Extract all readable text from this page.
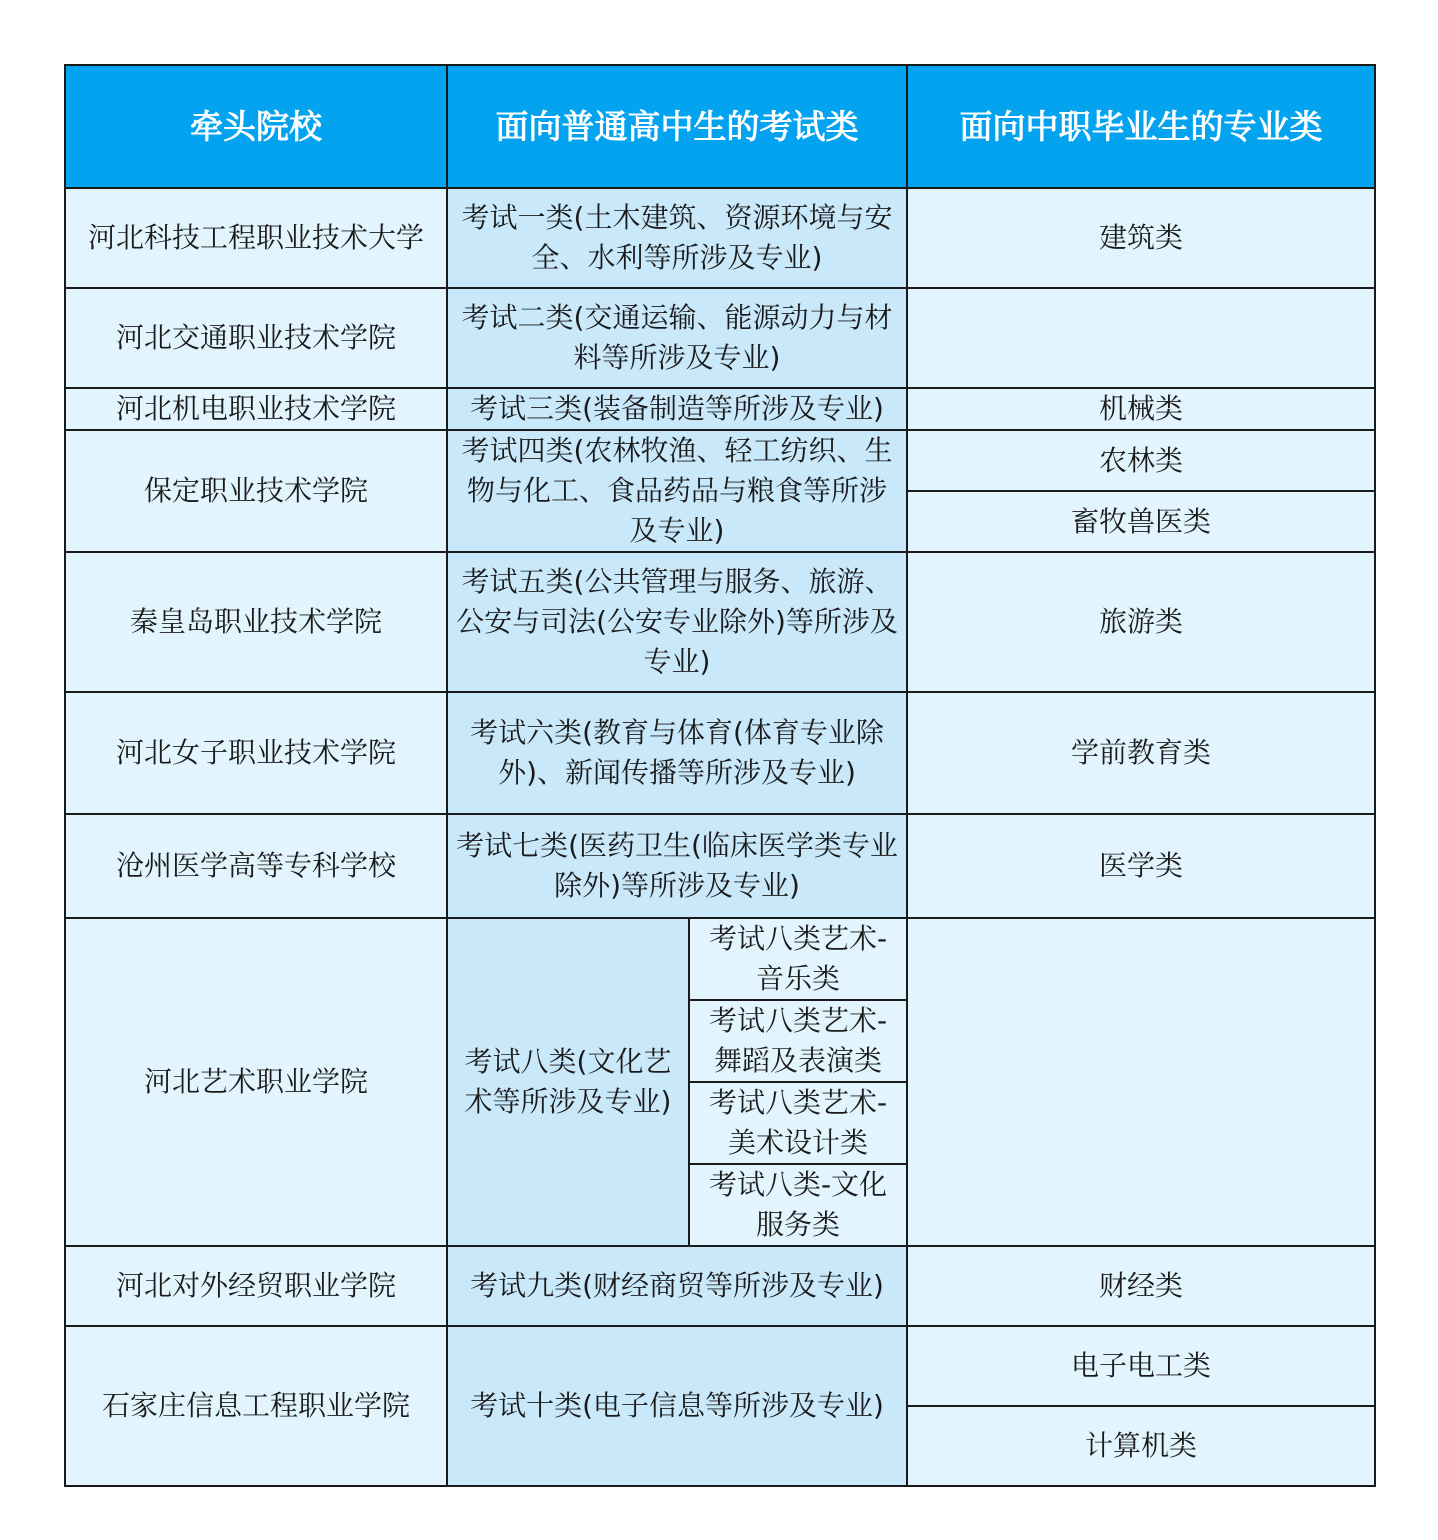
牵头院校	面向普通高中生的考试类		面向中职毕业生的专业类
河北科技工程职业技术大学	考试一类(土木建筑、资源环境与安全、水利等所涉及专业)		建筑类
河北交通职业技术学院	考试二类(交通运输、能源动力与材料等所涉及专业)		
河北机电职业技术学院	考试三类(装备制造等所涉及专业)		机械类
保定职业技术学院	考试四类(农林牧渔、轻工纺织、生物与化工、食品药品与粮食等所涉及专业)		农林类
			畜牧兽医类
秦皇岛职业技术学院	考试五类(公共管理与服务、旅游、公安与司法(公安专业除外)等所涉及专业)		旅游类
河北女子职业技术学院	考试六类(教育与体育(体育专业除外)、新闻传播等所涉及专业)		学前教育类
沧州医学高等专科学校	考试七类(医药卫生(临床医学类专业除外)等所涉及专业)		医学类
河北艺术职业学院	考试八类(文化艺术等所涉及专业)	考试八类艺术-音乐类	
		考试八类艺术-舞蹈及表演类	
		考试八类艺术-美术设计类	
		考试八类-文化服务类	
河北对外经贸职业学院	考试九类(财经商贸等所涉及专业)		财经类
石家庄信息工程职业学院	考试十类(电子信息等所涉及专业)		电子电工类
			计算机类
